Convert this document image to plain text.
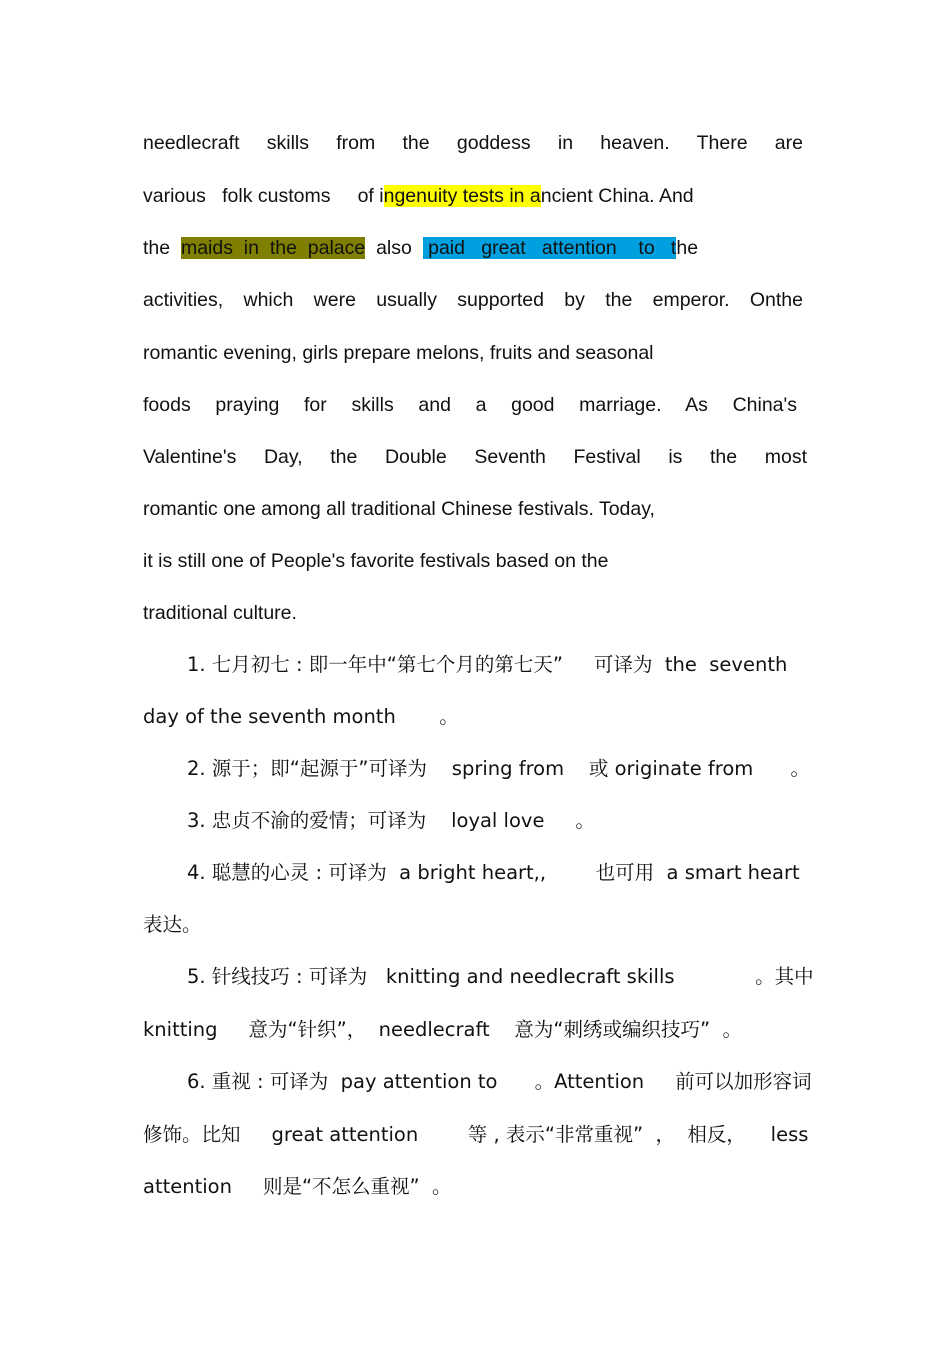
needlecraft skills from the goddess in heaven. There are
various   folk customs     of ingenuity tests in ancient China. And
the  maids  in  the  palace  also   paid   great   attention    to   the
activities, which were usually supported by the emperor. Onthe
romantic evening, girls prepare melons, fruits and seasonal
foods praying for skills and a good marriage. As China's
Valentine's Day, the Double Seventh Festival is the most
romantic one among all traditional Chinese festivals. Today,
it is still one of People's favorite festivals based on the
traditional culture.
1. 七月初七 : 即一年中“第七个月的第七天”     可译为  the  seventh
day of the seventh month       。
2. 源于；即“起源于”可译为    spring from    或 originate from      。
3. 忠贞不渝的爱情；可译为    loyal love     。
4. 聪慧的心灵 : 可译为  a bright heart,,        也可用  a smart heart
表达。
5. 针线技巧 : 可译为   knitting and needlecraft skills             。其中
knitting     意为“针织”，  needlecraft    意为“刺绣或编织技巧”  。
6. 重视 : 可译为  pay attention to      。Attention     前可以加形容词
修饰。比知     great attention        等 , 表示“非常重视”  ，  相反，    less
attention     则是“不怎么重视”  。
